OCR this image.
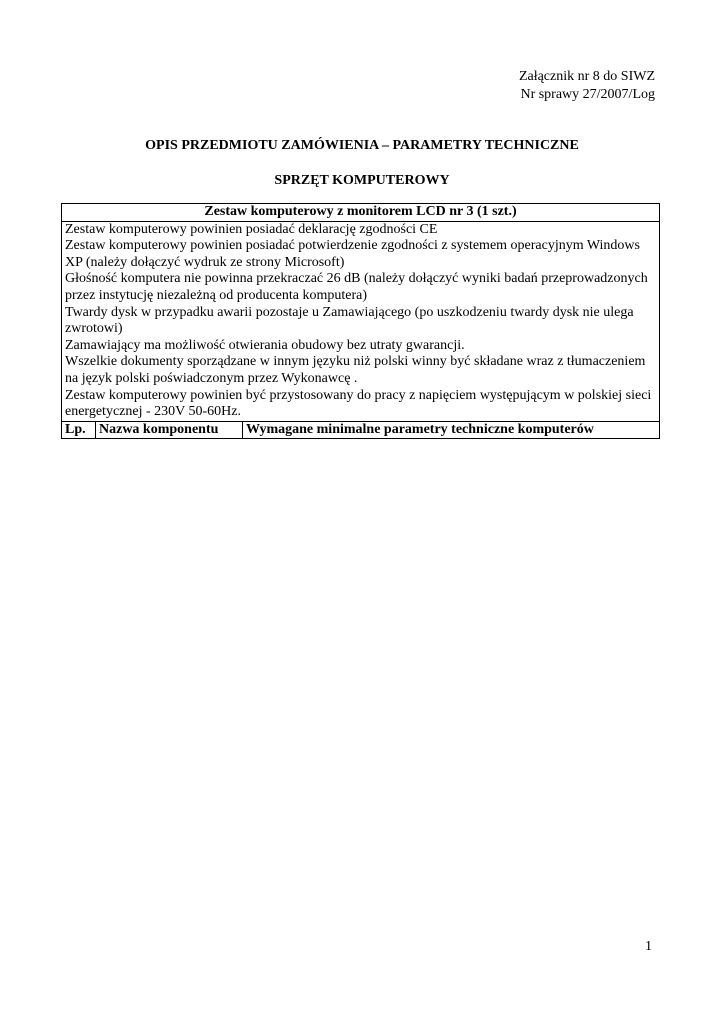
Załącznik nr 8 do SIWZ
Nr sprawy 27/2007/Log
OPIS PRZEDMIOTU ZAMÓWIENIA – PARAMETRY TECHNICZNE
SPRZĘT KOMPUTEROWY
Zestaw komputerowy z monitorem LCD nr 3 (1 szt.)

Zestaw komputerowy powinien posiadać deklarację zgodności CE
Zestaw komputerowy powinien posiadać potwierdzenie zgodności z systemem operacyjnym Windows XP (należy dołączyć wydruk ze strony Microsoft)
Głośność komputera nie powinna przekraczać 26 dB (należy dołączyć wyniki badań przeprowadzonych przez instytucję niezależną od producenta komputera)
Twardy dysk w przypadku awarii pozostaje u Zamawiającego (po uszkodzeniu twardy dysk nie ulega zwrotowi)
Zamawiający ma możliwość otwierania obudowy bez utraty gwarancji.
Wszelkie dokumenty sporządzane w innym języku niż polski winny być składane wraz z tłumaczeniem na język polski poświadczonym przez Wykonawcę .
Zestaw komputerowy powinien być przystosowany do pracy z napięciem występującym w polskiej sieci energetycznej - 230V 50-60Hz.

Lp.	Nazwa komponentu	Wymagane minimalne parametry techniczne komputerów
1
